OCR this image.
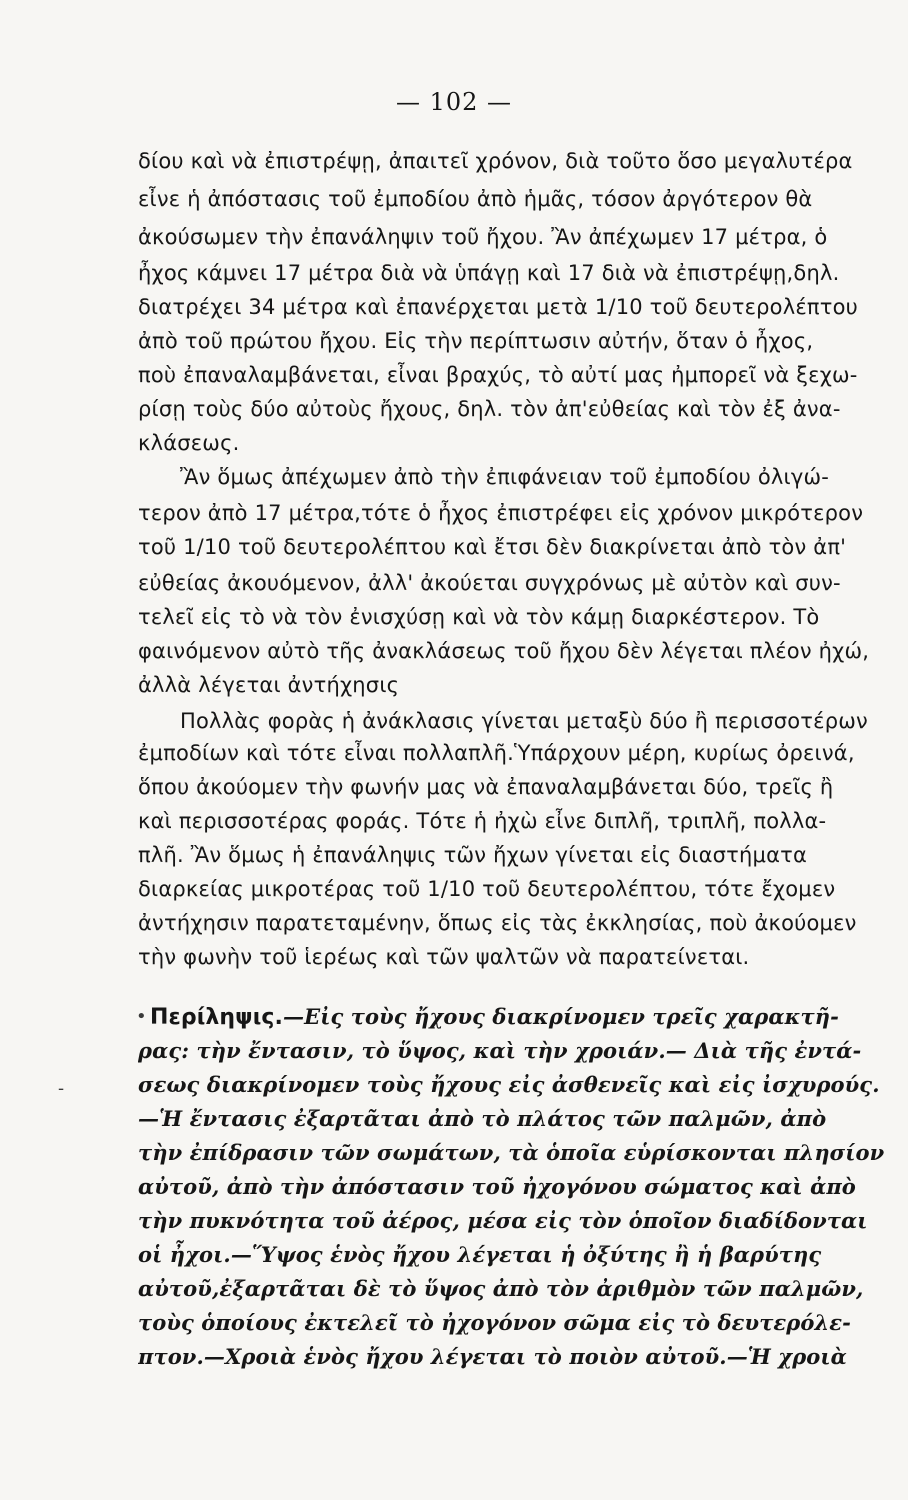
— 102 —
δίου καὶ νὰ ἐπιστρέψῃ, ἀπαιτεῖ χρόνον, διὰ τοῦτο ὅσο μεγαλυτέρα
εἶνε ἡ ἀπόστασις τοῦ ἐμποδίου ἀπὸ ἡμᾶς, τόσον ἀργότερον θὰ
ἀκούσωμεν τὴν ἐπανάληψιν τοῦ ἤχου. Ἂν ἀπέχωμεν 17 μέτρα, ὁ
ἦχος κάμνει 17 μέτρα διὰ νὰ ὑπάγῃ καὶ 17 διὰ νὰ ἐπιστρέψῃ,δηλ.
διατρέχει 34 μέτρα καὶ ἐπανέρχεται μετὰ 1/10 τοῦ δευτερολέπτου
ἀπὸ τοῦ πρώτου ἤχου. Εἰς τὴν περίπτωσιν αὐτήν, ὅταν ὁ ἦχος,
ποὺ ἐπαναλαμβάνεται, εἶναι βραχύς, τὸ αὐτί μας ἠμπορεῖ νὰ ξεχω-
ρίσῃ τοὺς δύο αὐτοὺς ἤχους, δηλ. τὸν ἀπ'εὐθείας καὶ τὸν ἐξ ἀνα-
κλάσεως.
Ἂν ὅμως ἀπέχωμεν ἀπὸ τὴν ἐπιφάνειαν τοῦ ἐμποδίου ὀλιγώ-
τερον ἀπὸ 17 μέτρα,τότε ὁ ἦχος ἐπιστρέφει εἰς χρόνον μικρότερον
τοῦ 1/10 τοῦ δευτερολέπτου καὶ ἔτσι δὲν διακρίνεται ἀπὸ τὸν ἀπ'
εὐθείας ἀκουόμενον, ἀλλ' ἀκούεται συγχρόνως μὲ αὐτὸν καὶ συν-
τελεῖ εἰς τὸ νὰ τὸν ἐνισχύσῃ καὶ νὰ τὸν κάμῃ διαρκέστερον. Τὸ
φαινόμενον αὐτὸ τῆς ἀνακλάσεως τοῦ ἤχου δὲν λέγεται πλέον ἠχώ,
ἀλλὰ λέγεται ἀντήχησις
Πολλὰς φορὰς ἡ ἀνάκλασις γίνεται μεταξὺ δύο ἢ περισσοτέρων
ἐμποδίων καὶ τότε εἶναι πολλαπλῆ.Ὑπάρχουν μέρη, κυρίως ὀρεινά,
ὅπου ἀκούομεν τὴν φωνήν μας νὰ ἐπαναλαμβάνεται δύο, τρεῖς ἢ
καὶ περισσοτέρας φοράς. Τότε ἡ ἠχὼ εἶνε διπλῆ, τριπλῆ, πολλα-
πλῆ. Ἂν ὅμως ἡ ἐπανάληψις τῶν ἤχων γίνεται εἰς διαστήματα
διαρκείας μικροτέρας τοῦ 1/10 τοῦ δευτερολέπτου, τότε ἔχομεν
ἀντήχησιν παρατεταμένην, ὅπως εἰς τὰς ἐκκλησίας, ποὺ ἀκούομεν
τὴν φωνὴν τοῦ ἱερέως καὶ τῶν ψαλτῶν νὰ παρατείνεται.
Περίληψις.—Εἰς τοὺς ἤχους διακρίνομεν τρεῖς χαρακτῆ-
ρας: τὴν ἔντασιν, τὸ ὕψος, καὶ τὴν χροιάν.— Διὰ τῆς ἐντά-
σεως διακρίνομεν τοὺς ἤχους εἰς ἀσθενεῖς καὶ εἰς ἰσχυρούς.
—Ἡ ἔντασις ἐξαρτᾶται ἀπὸ τὸ πλάτος τῶν παλμῶν, ἀπὸ
τὴν ἐπίδρασιν τῶν σωμάτων, τὰ ὁποῖα εὑρίσκονται πλησίον
αὐτοῦ, ἀπὸ τὴν ἀπόστασιν τοῦ ἠχογόνου σώματος καὶ ἀπὸ
τὴν πυκνότητα τοῦ ἀέρος, μέσα εἰς τὸν ὁποῖον διαδίδονται
οἱ ἦχοι.—Ὕψος ἑνὸς ἤχου λέγεται ἡ ὀξύτης ἢ ἡ βαρύτης
αὐτοῦ,ἐξαρτᾶται δὲ τὸ ὕψος ἀπὸ τὸν ἀριθμὸν τῶν παλμῶν,
τοὺς ὁποίους ἐκτελεῖ τὸ ἠχογόνον σῶμα εἰς τὸ δευτερόλε-
πτον.—Χροιὰ ἑνὸς ἤχου λέγεται τὸ ποιὸν αὐτοῦ.—Ἡ χροιὰ
•
‐
